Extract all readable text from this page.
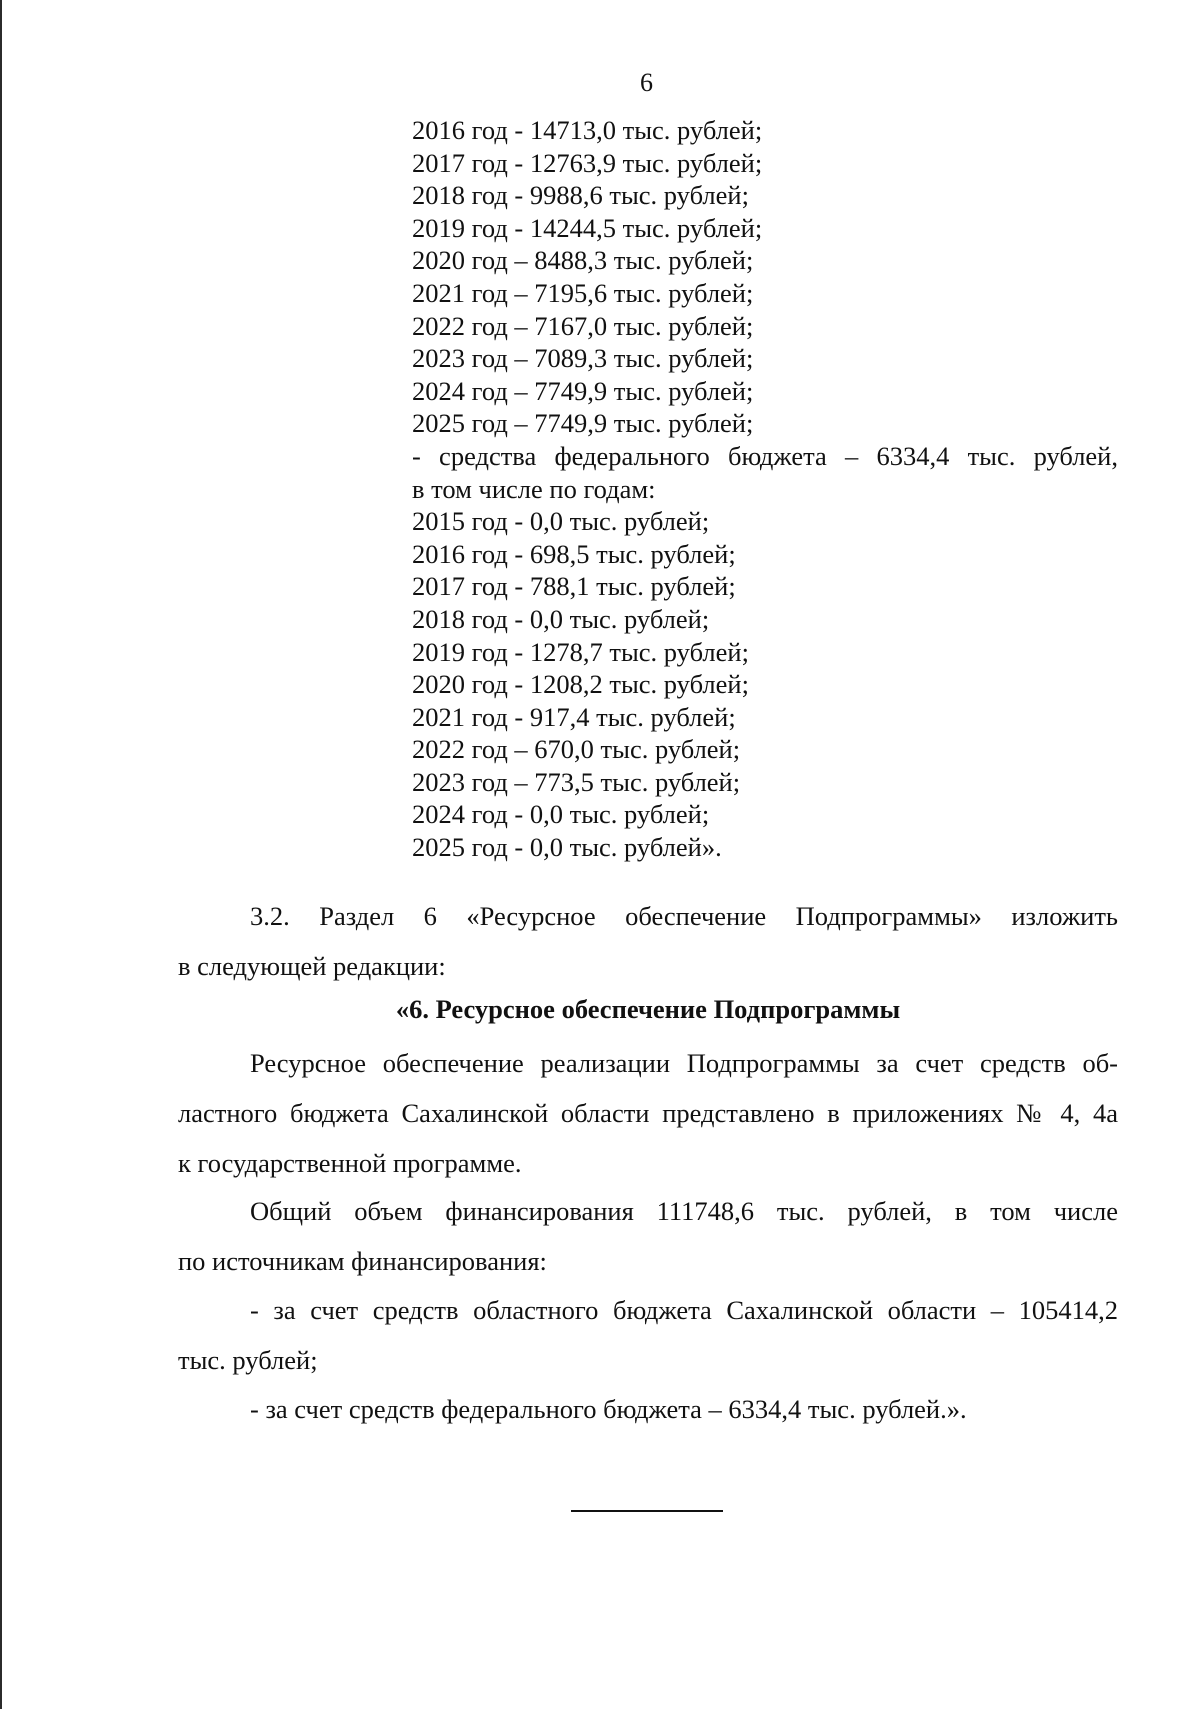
6
2016 год - 14713,0 тыс. рублей;
2017 год - 12763,9 тыс. рублей;
2018 год - 9988,6 тыс. рублей;
2019 год - 14244,5 тыс. рублей;
2020 год – 8488,3 тыс. рублей;
2021 год – 7195,6 тыс. рублей;
2022 год – 7167,0 тыс. рублей;
2023 год – 7089,3 тыс. рублей;
2024 год – 7749,9 тыс. рублей;
2025 год – 7749,9 тыс. рублей;
- средства федерального бюджета – 6334,4 тыс. рублей,
в том числе по годам:
2015 год - 0,0 тыс. рублей;
2016 год - 698,5 тыс. рублей;
2017 год - 788,1 тыс. рублей;
2018 год - 0,0 тыс. рублей;
2019 год - 1278,7 тыс. рублей;
2020 год - 1208,2 тыс. рублей;
2021 год - 917,4 тыс. рублей;
2022 год – 670,0 тыс. рублей;
2023 год – 773,5 тыс. рублей;
2024 год - 0,0 тыс. рублей;
2025 год - 0,0 тыс. рублей».
3.2. Раздел 6 «Ресурсное обеспечение Подпрограммы» изложить
в следующей редакции:
«6. Ресурсное обеспечение Подпрограммы
Ресурсное обеспечение реализации Подпрограммы за счет средств об-
ластного бюджета Сахалинской области представлено в приложениях № 4, 4а
к государственной программе.
Общий объем финансирования 111748,6 тыс. рублей, в том числе
по источникам финансирования:
- за счет средств областного бюджета Сахалинской области – 105414,2
тыс. рублей;
- за счет средств федерального бюджета – 6334,4 тыс. рублей.».
